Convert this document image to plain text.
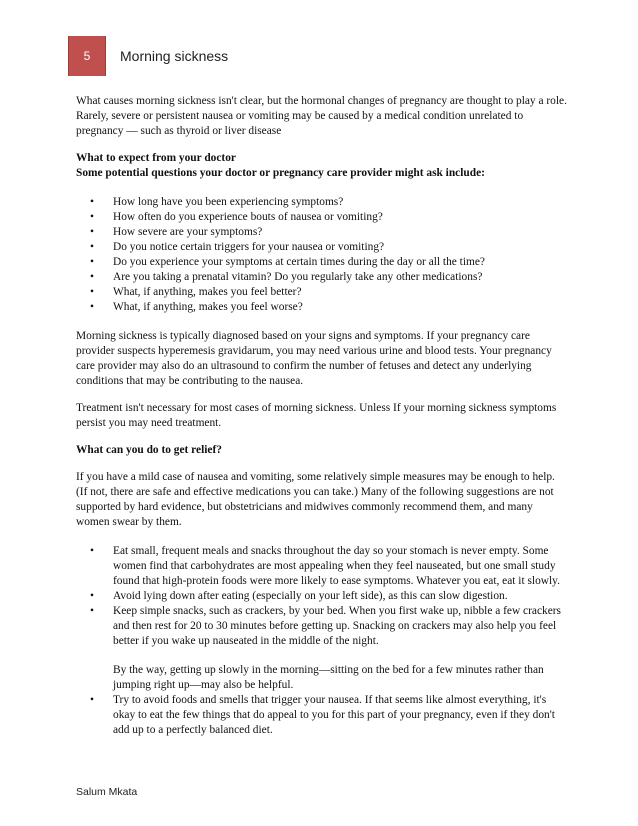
5	Morning sickness

What causes morning sickness isn't clear, but the hormonal changes of pregnancy are thought to play a role. Rarely, severe or persistent nausea or vomiting may be caused by a medical condition unrelated to pregnancy — such as thyroid or liver disease

What to expect from your doctor

Some potential questions your doctor or pregnancy care provider might ask include:

• How long have you been experiencing symptoms?
• How often do you experience bouts of nausea or vomiting?
• How severe are your symptoms?
• Do you notice certain triggers for your nausea or vomiting?
• Do you experience your symptoms at certain times during the day or all the time?
• Are you taking a prenatal vitamin? Do you regularly take any other medications?
• What, if anything, makes you feel better?
• What, if anything, makes you feel worse?

Morning sickness is typically diagnosed based on your signs and symptoms. If your pregnancy care provider suspects hyperemesis gravidarum, you may need various urine and blood tests. Your pregnancy care provider may also do an ultrasound to confirm the number of fetuses and detect any underlying conditions that may be contributing to the nausea.

Treatment isn't necessary for most cases of morning sickness. Unless If your morning sickness symptoms persist you may need treatment.

What can you do to get relief?

If you have a mild case of nausea and vomiting, some relatively simple measures may be enough to help. (If not, there are safe and effective medications you can take.) Many of the following suggestions are not supported by hard evidence, but obstetricians and midwives commonly recommend them, and many women swear by them.

• Eat small, frequent meals and snacks throughout the day so your stomach is never empty. Some women find that carbohydrates are most appealing when they feel nauseated, but one small study found that high-protein foods were more likely to ease symptoms. Whatever you eat, eat it slowly.
• Avoid lying down after eating (especially on your left side), as this can slow digestion.
• Keep simple snacks, such as crackers, by your bed. When you first wake up, nibble a few crackers and then rest for 20 to 30 minutes before getting up. Snacking on crackers may also help you feel better if you wake up nauseated in the middle of the night.
By the way, getting up slowly in the morning—sitting on the bed for a few minutes rather than jumping right up—may also be helpful.
• Try to avoid foods and smells that trigger your nausea. If that seems like almost everything, it's okay to eat the few things that do appeal to you for this part of your pregnancy, even if they don't add up to a perfectly balanced diet.
Salum Mkata
